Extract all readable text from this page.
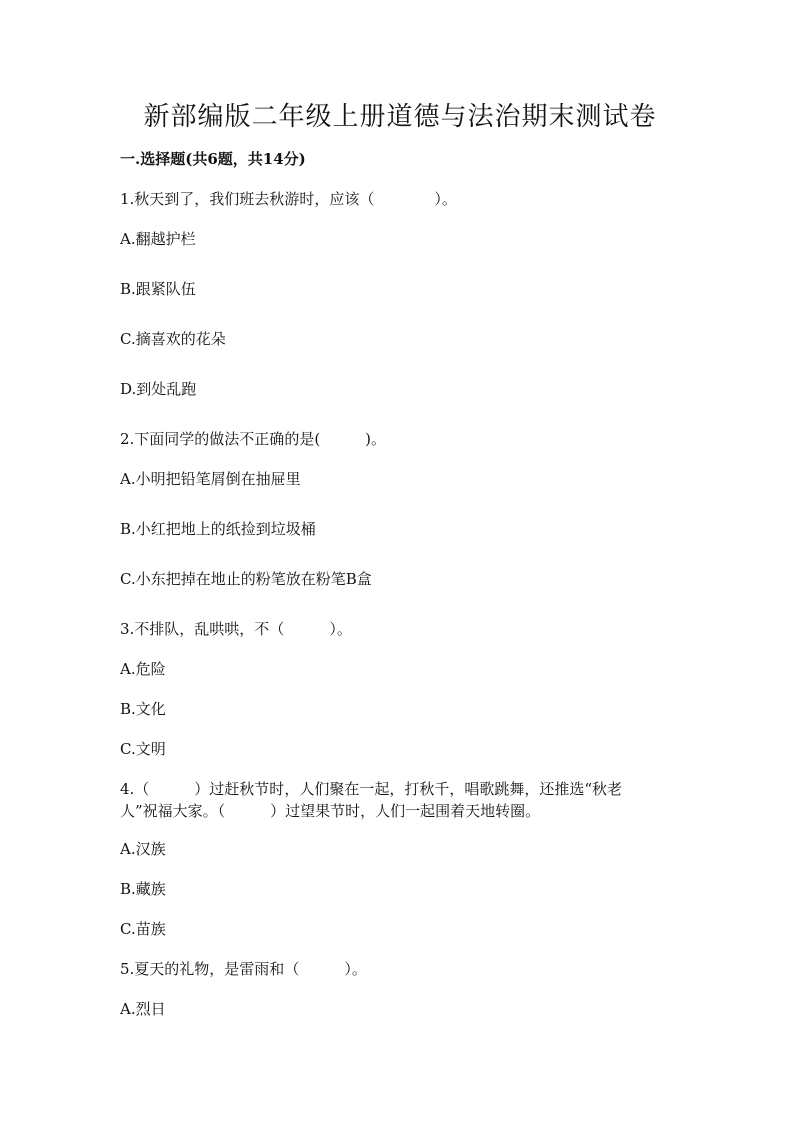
新部编版二年级上册道德与法治期末测试卷
一.选择题(共6题，共14分)
1.秋天到了，我们班去秋游时，应该（　　　　）。
A.翻越护栏
B.跟紧队伍
C.摘喜欢的花朵
D.到处乱跑
2.下面同学的做法不正确的是(　　　)。
A.小明把铅笔屑倒在抽屉里
B.小红把地上的纸捡到垃圾桶
C.小东把掉在地止的粉笔放在粉笔B盒
3.不排队，乱哄哄，不（　　　）。
A.危险
B.文化
C.文明
4.（　　　）过赶秋节时，人们聚在一起，打秋千，唱歌跳舞，还推选“秋老
人”祝福大家。（　　　）过望果节时，人们一起围着天地转圈。
A.汉族
B.藏族
C.苗族
5.夏天的礼物，是雷雨和（　　　）。
A.烈日
